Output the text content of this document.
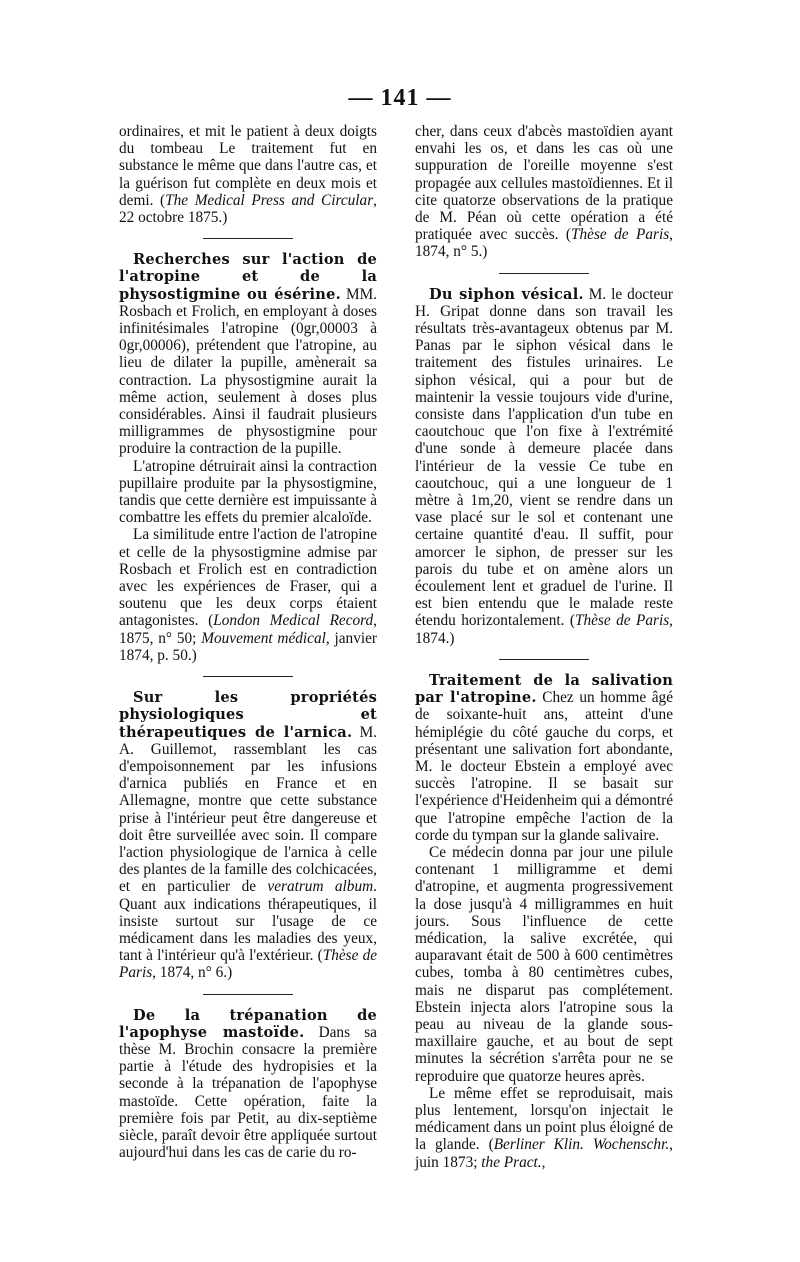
— 141 —

ordinaires, et mit le patient à deux doigts du tombeau Le traitement fut en substance le même que dans l'autre cas, et la guérison fut complète en deux mois et demi. (The Medical Press and Circular, 22 octobre 1875.)

Recherches sur l'action de l'atropine et de la physostigmine ou ésérine. MM. Rosbach et Frolich, en employant à doses infinitésimales l'atropine (0gr,00003 à 0gr,00006), prétendent que l'atropine, au lieu de dilater la pupille, amènerait sa contraction. La physostigmine aurait la même action, seulement à doses plus considérables. Ainsi il faudrait plusieurs milligrammes de physostigmine pour produire la contraction de la pupille.

L'atropine détruirait ainsi la contraction pupillaire produite par la physostigmine, tandis que cette dernière est impuissante à combattre les effets du premier alcaloïde.

La similitude entre l'action de l'atropine et celle de la physostigmine admise par Rosbach et Frolich est en contradiction avec les expériences de Fraser, qui a soutenu que les deux corps étaient antagonistes. (London Medical Record, 1875, n° 50; Mouvement médical, janvier 1874, p. 50.)

Sur les propriétés physiologiques et thérapeutiques de l'arnica. M. A. Guillemot, rassemblant les cas d'empoisonnement par les infusions d'arnica publiés en France et en Allemagne, montre que cette substance prise à l'intérieur peut être dangereuse et doit être surveillée avec soin. Il compare l'action physiologique de l'arnica à celle des plantes de la famille des colchicacées, et en particulier de veratrum album. Quant aux indications thérapeutiques, il insiste surtout sur l'usage de ce médicament dans les maladies des yeux, tant à l'intérieur qu'à l'extérieur. (Thèse de Paris, 1874, n° 6.)

De la trépanation de l'apophyse mastoïde. Dans sa thèse M. Brochin consacre la première partie à l'étude des hydropisies et la seconde à la trépanation de l'apophyse mastoïde. Cette opération, faite la première fois par Petit, au dix-septième siècle, paraît devoir être appliquée surtout aujourd'hui dans les cas de carie du ro-

cher, dans ceux d'abcès mastoïdien ayant envahi les os, et dans les cas où une suppuration de l'oreille moyenne s'est propagée aux cellules mastoïdiennes. Et il cite quatorze observations de la pratique de M. Péan où cette opération a été pratiquée avec succès. (Thèse de Paris, 1874, n° 5.)

Du siphon vésical. M. le docteur H. Gripat donne dans son travail les résultats très-avantageux obtenus par M. Panas par le siphon vésical dans le traitement des fistules urinaires. Le siphon vésical, qui a pour but de maintenir la vessie toujours vide d'urine, consiste dans l'application d'un tube en caoutchouc que l'on fixe à l'extrémité d'une sonde à demeure placée dans l'intérieur de la vessie Ce tube en caoutchouc, qui a une longueur de 1 mètre à 1m,20, vient se rendre dans un vase placé sur le sol et contenant une certaine quantité d'eau. Il suffit, pour amorcer le siphon, de presser sur les parois du tube et on amène alors un écoulement lent et graduel de l'urine. Il est bien entendu que le malade reste étendu horizontalement. (Thèse de Paris, 1874.)

Traitement de la salivation par l'atropine. Chez un homme âgé de soixante-huit ans, atteint d'une hémiplégie du côté gauche du corps, et présentant une salivation fort abondante, M. le docteur Ebstein a employé avec succès l'atropine. Il se basait sur l'expérience d'Heidenheim qui a démontré que l'atropine empêche l'action de la corde du tympan sur la glande salivaire.

Ce médecin donna par jour une pilule contenant 1 milligramme et demi d'atropine, et augmenta progressivement la dose jusqu'à 4 milligrammes en huit jours. Sous l'influence de cette médication, la salive excrétée, qui auparavant était de 500 à 600 centimètres cubes, tomba à 80 centimètres cubes, mais ne disparut pas complétement. Ebstein injecta alors l'atropine sous la peau au niveau de la glande sous-maxillaire gauche, et au bout de sept minutes la sécrétion s'arrêta pour ne se reproduire que quatorze heures après.

Le même effet se reproduisait, mais plus lentement, lorsqu'on injectait le médicament dans un point plus éloigné de la glande. (Berliner Klin. Wochenschr., juin 1873; the Pract.,
